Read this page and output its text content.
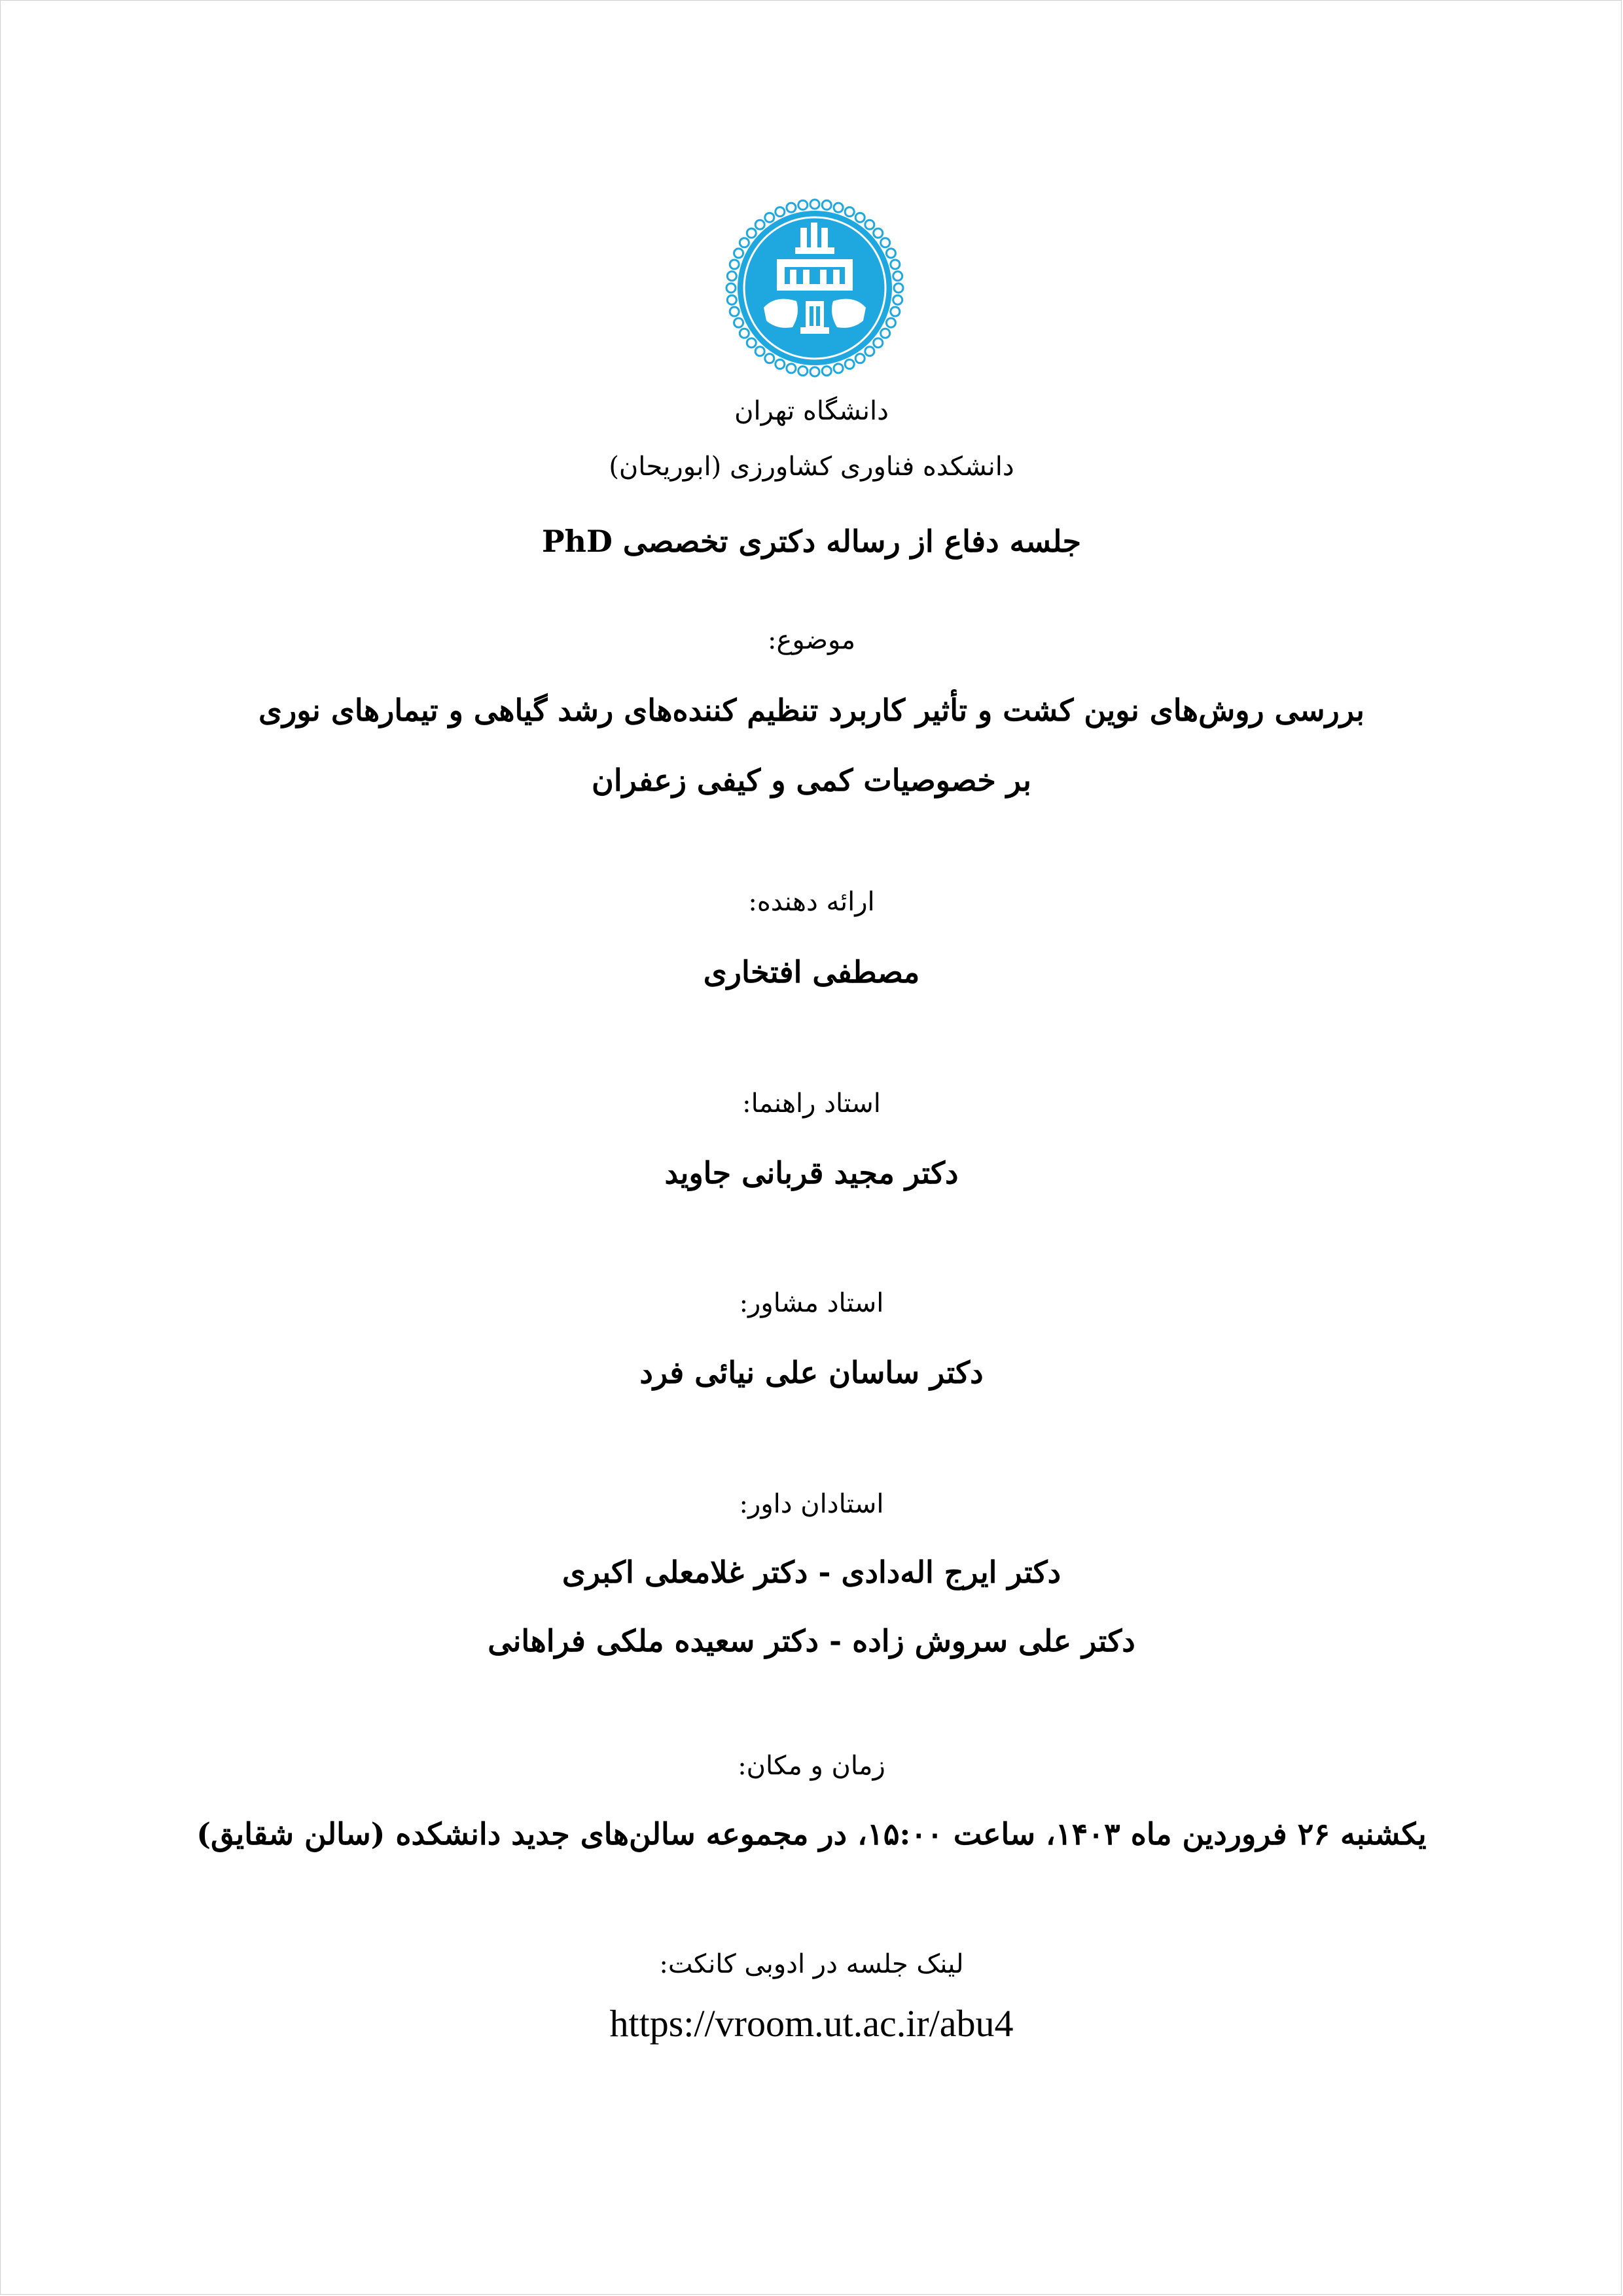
دانشگاه تهران
دانشکده فناوری کشاورزی (ابوریحان)
جلسه دفاع از رساله دکتری تخصصی PhD
موضوع:
بررسی روش‌های نوین کشت و تأثیر کاربرد تنظیم کننده‌های رشد گیاهی و تیمارهای نوری
بر خصوصیات کمی و کیفی زعفران
ارائه دهنده:
مصطفی افتخاری
استاد راهنما:
دکتر مجید قربانی جاوید
استاد مشاور:
دکتر ساسان علی نیائی فرد
استادان داور:
دکتر ایرج اله‌دادی - دکتر غلامعلی اکبری
دکتر علی سروش زاده - دکتر سعیده ملکی فراهانی
زمان و مکان:
یکشنبه ۲۶ فروردین ماه ۱۴۰۳، ساعت ۱۵:۰۰، در مجموعه سالن‌های جدید دانشکده (سالن شقایق)
لینک جلسه در ادوبی کانکت:
https://vroom.ut.ac.ir/abu4
